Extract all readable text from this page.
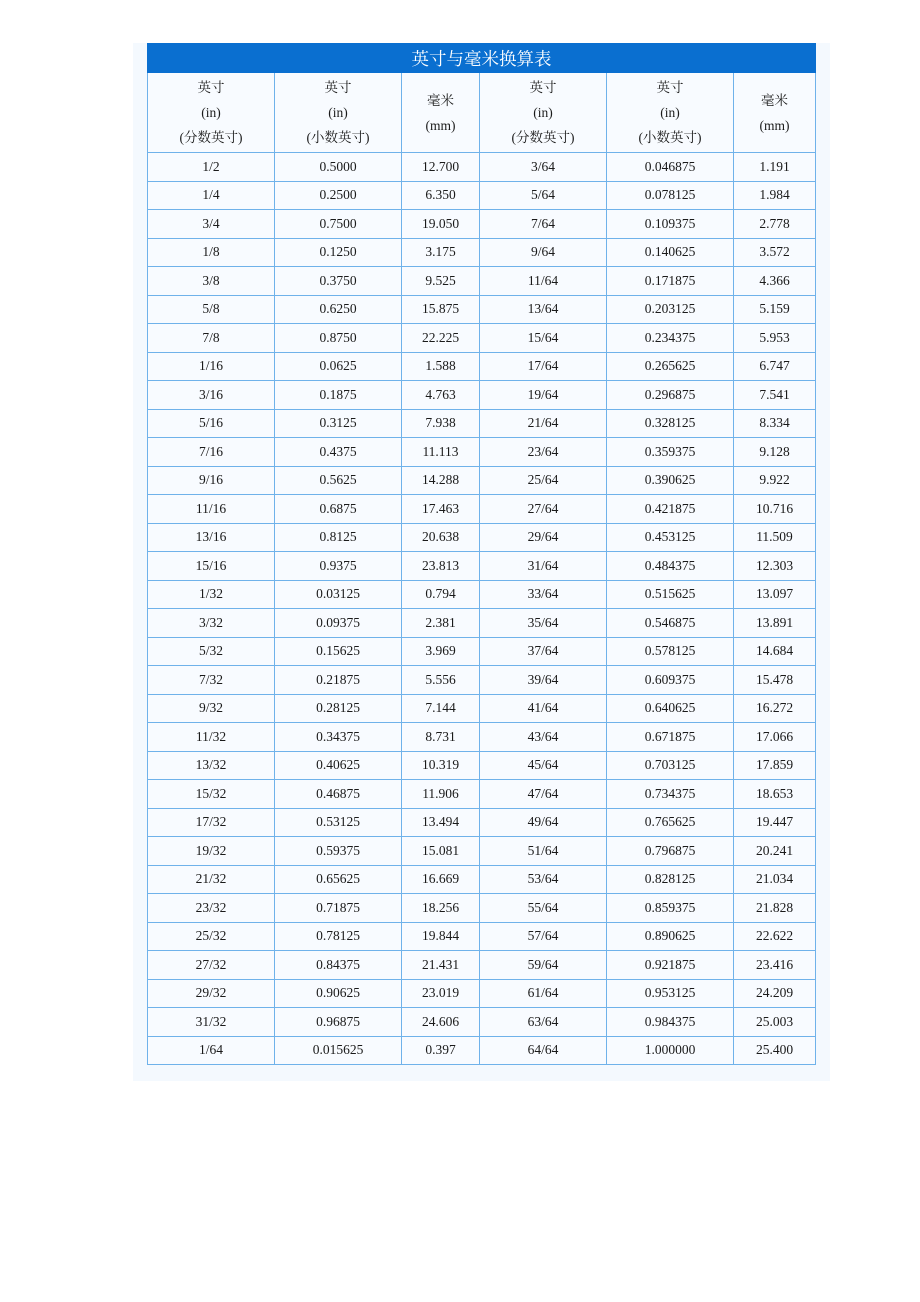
英寸与毫米换算表					

英寸
(in)
(分数英寸)	英寸
(in)
(小数英寸)	毫米
(mm)	英寸
(in)
(分数英寸)	英寸
(in)
(小数英寸)	毫米
(mm)

1/2	0.5000	12.700	3/64	0.046875	1.191
1/4	0.2500	6.350	5/64	0.078125	1.984
3/4	0.7500	19.050	7/64	0.109375	2.778
1/8	0.1250	3.175	9/64	0.140625	3.572
3/8	0.3750	9.525	11/64	0.171875	4.366
5/8	0.6250	15.875	13/64	0.203125	5.159
7/8	0.8750	22.225	15/64	0.234375	5.953
1/16	0.0625	1.588	17/64	0.265625	6.747
3/16	0.1875	4.763	19/64	0.296875	7.541
5/16	0.3125	7.938	21/64	0.328125	8.334
7/16	0.4375	11.113	23/64	0.359375	9.128
9/16	0.5625	14.288	25/64	0.390625	9.922
11/16	0.6875	17.463	27/64	0.421875	10.716
13/16	0.8125	20.638	29/64	0.453125	11.509
15/16	0.9375	23.813	31/64	0.484375	12.303
1/32	0.03125	0.794	33/64	0.515625	13.097
3/32	0.09375	2.381	35/64	0.546875	13.891
5/32	0.15625	3.969	37/64	0.578125	14.684
7/32	0.21875	5.556	39/64	0.609375	15.478
9/32	0.28125	7.144	41/64	0.640625	16.272
11/32	0.34375	8.731	43/64	0.671875	17.066
13/32	0.40625	10.319	45/64	0.703125	17.859
15/32	0.46875	11.906	47/64	0.734375	18.653
17/32	0.53125	13.494	49/64	0.765625	19.447
19/32	0.59375	15.081	51/64	0.796875	20.241
21/32	0.65625	16.669	53/64	0.828125	21.034
23/32	0.71875	18.256	55/64	0.859375	21.828
25/32	0.78125	19.844	57/64	0.890625	22.622
27/32	0.84375	21.431	59/64	0.921875	23.416
29/32	0.90625	23.019	61/64	0.953125	24.209
31/32	0.96875	24.606	63/64	0.984375	25.003
1/64	0.015625	0.397	64/64	1.000000	25.400
